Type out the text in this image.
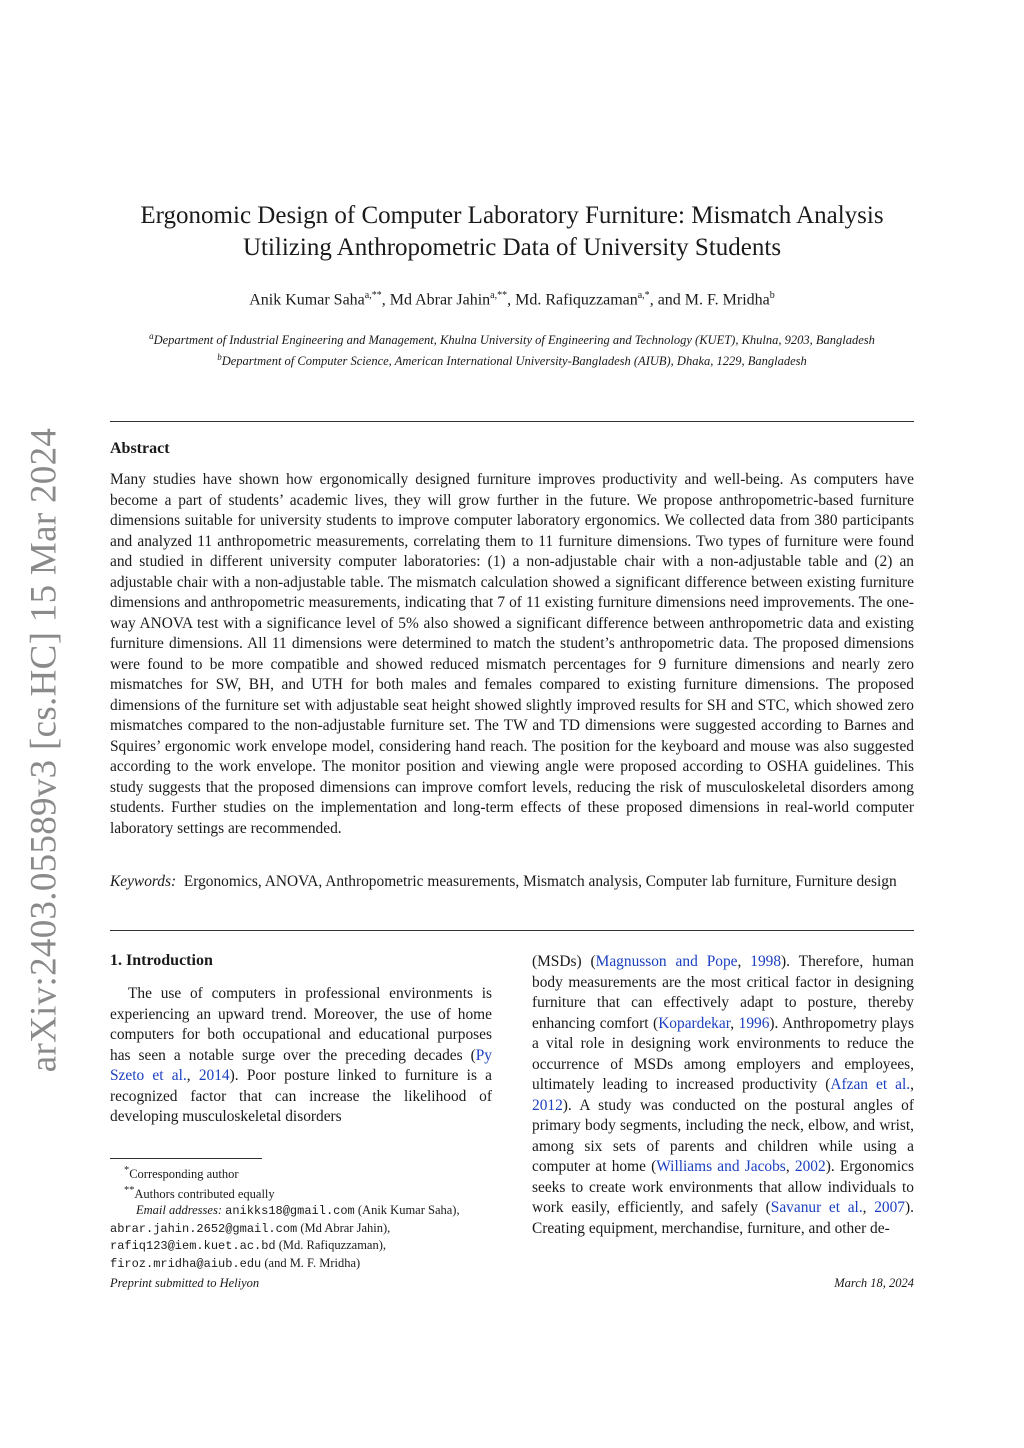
arXiv:2403.05589v3 [cs.HC] 15 Mar 2024
Ergonomic Design of Computer Laboratory Furniture: Mismatch Analysis
Utilizing Anthropometric Data of University Students
Anik Kumar Saha$^{a,**}$, Md Abrar Jahin$^{a,**}$, Md. Rafiquzzaman$^{a,*}$, and M. F. Mridha$^b$
$^a$Department of Industrial Engineering and Management, Khulna University of Engineering and Technology (KUET), Khulna, 9203, Bangladesh
$^b$Department of Computer Science, American International University-Bangladesh (AIUB), Dhaka, 1229, Bangladesh
Abstract
Many studies have shown how ergonomically designed furniture improves productivity and well-being. As computers have become a part of students’ academic lives, they will grow further in the future. We propose anthropometric-based furniture dimensions suitable for university students to improve computer laboratory ergonomics. We collected data from 380 participants and analyzed 11 anthropometric measurements, correlating them to 11 furniture dimensions. Two types of furniture were found and studied in different university computer laboratories: (1) a non-adjustable chair with a non-adjustable table and (2) an adjustable chair with a non-adjustable table. The mismatch calculation showed a significant difference between existing furniture dimensions and anthropometric measurements, indicating that 7 of 11 existing furniture dimensions need improvements. The one-way ANOVA test with a significance level of 5% also showed a significant difference between anthropometric data and existing furniture dimensions. All 11 dimensions were determined to match the student’s anthropometric data. The proposed dimensions were found to be more compatible and showed reduced mismatch percentages for 9 furniture dimensions and nearly zero mismatches for SW, BH, and UTH for both males and females compared to existing furniture dimensions. The proposed dimensions of the furniture set with adjustable seat height showed slightly improved results for SH and STC, which showed zero mismatches compared to the non-adjustable furniture set. The TW and TD dimensions were suggested according to Barnes and Squires’ ergonomic work envelope model, considering hand reach. The position for the keyboard and mouse was also suggested according to the work envelope. The monitor position and viewing angle were proposed according to OSHA guidelines. This study suggests that the proposed dimensions can improve comfort levels, reducing the risk of musculoskeletal disorders among students. Further studies on the implementation and long-term effects of these proposed dimensions in real-world computer laboratory settings are recommended.
Keywords: Ergonomics, ANOVA, Anthropometric measurements, Mismatch analysis, Computer lab furniture, Furniture design
1. Introduction

The use of computers in professional environments is experiencing an upward trend. Moreover, the use of home computers for both occupational and educational purposes has seen a notable surge over the preceding decades (Py Szeto et al., 2014). Poor posture linked to furniture is a recognized factor that can increase the likelihood of developing musculoskeletal disorders

(MSDs) (Magnusson and Pope, 1998). Therefore, human body measurements are the most critical factor in designing furniture that can effectively adapt to posture, thereby enhancing comfort (Kopardekar, 1996). Anthropometry plays a vital role in designing work environments to reduce the occurrence of MSDs among employers and employees, ultimately leading to increased productivity (Afzan et al., 2012). A study was conducted on the postural angles of primary body segments, including the neck, elbow, and wrist, among six sets of parents and children while using a computer at home (Williams and Jacobs, 2002). Ergonomics seeks to create work environments that allow individuals to work easily, efficiently, and safely (Savanur et al., 2007). Creating equipment, merchandise, furniture, and other de-

*Corresponding author
**Authors contributed equally
Email addresses: anikks18@gmail.com (Anik Kumar Saha),
abrar.jahin.2652@gmail.com (Md Abrar Jahin),
rafiq123@iem.kuet.ac.bd (Md. Rafiquzzaman),
firoz.mridha@aiub.edu (and M. F. Mridha)
Preprint submitted to Heliyon	March 18, 2024
